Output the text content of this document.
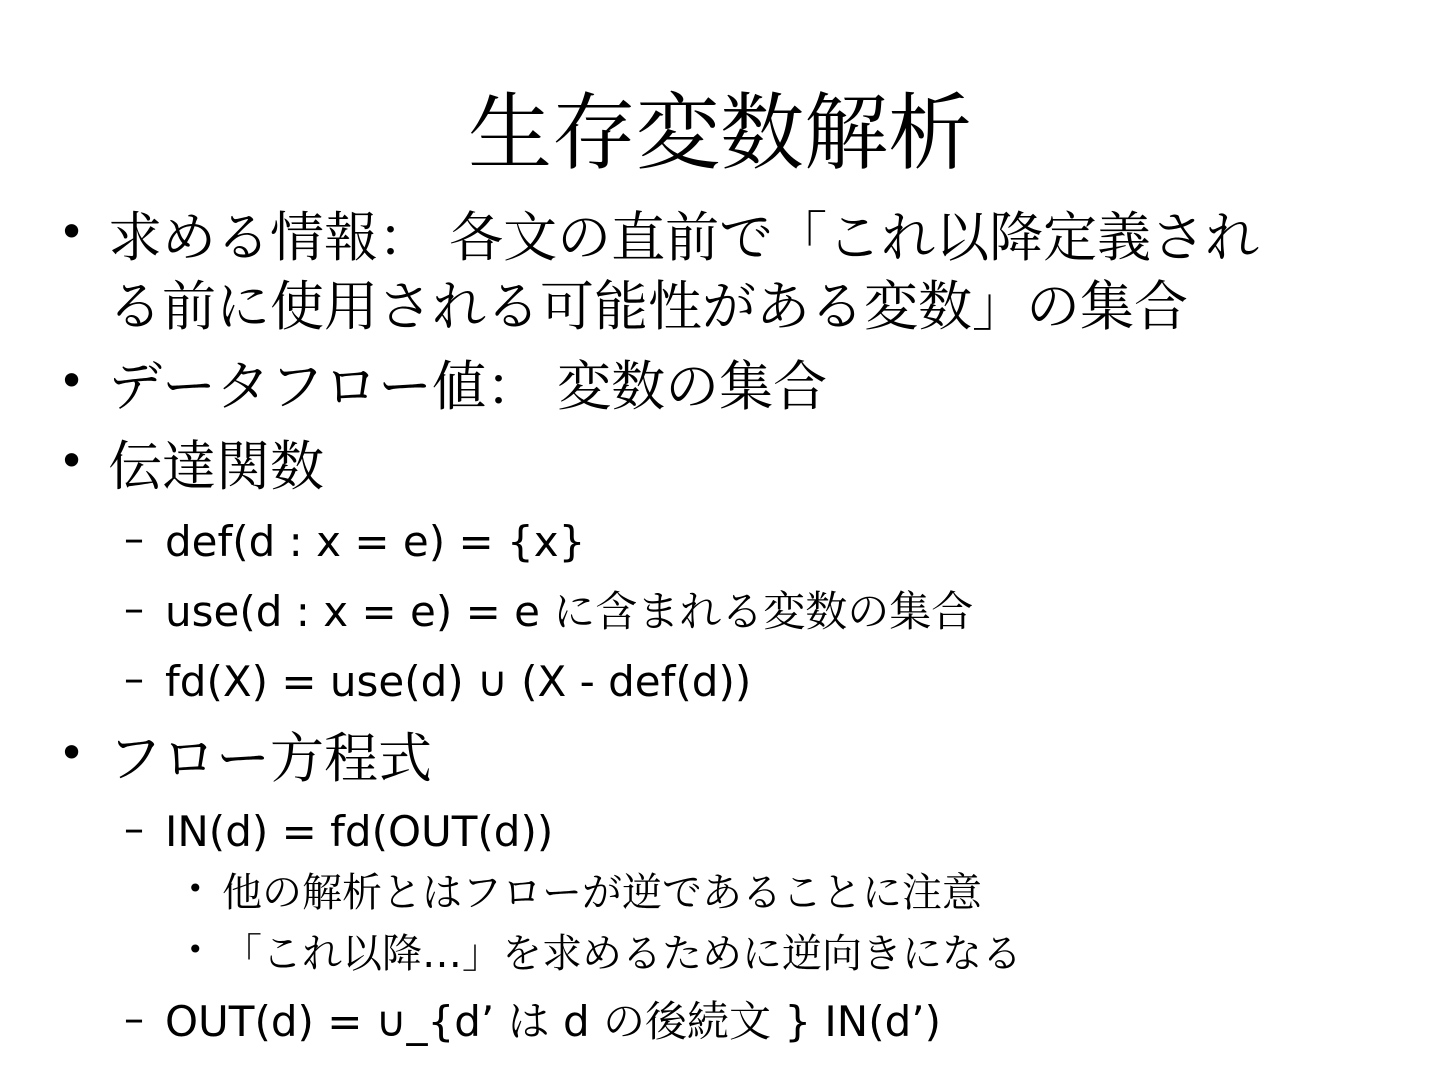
生存変数解析
• 求める情報： 各文の直前で「これ以降定義され
る前に使用される可能性がある変数」の集合
• データフロー値： 変数の集合
• 伝達関数
– def(d : x = e) = {x}
– use(d : x = e) = e に含まれる変数の集合
– fd(X) = use(d) ∪ (X - def(d))
• フロー方程式
– IN(d) = fd(OUT(d))
• 他の解析とはフローが逆であることに注意
• 「これ以降…」を求めるために逆向きになる
– OUT(d) = ∪_{d’ は d の後続文 } IN(d’)
